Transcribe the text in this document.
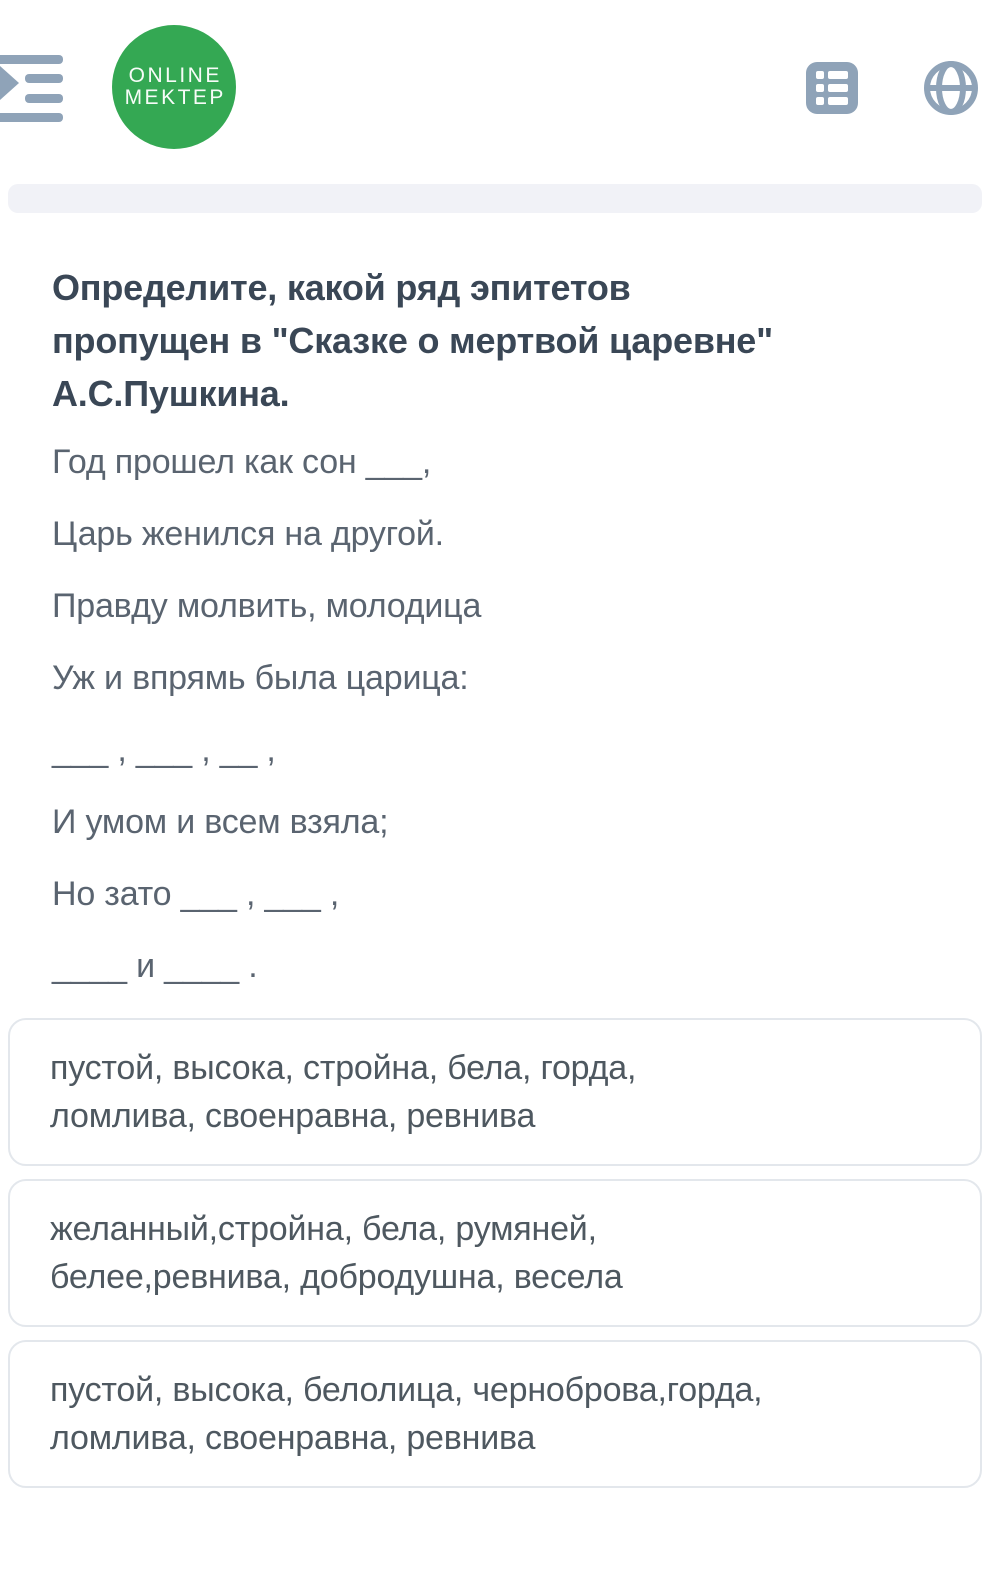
ONLINE
MEKTEP
Определите, какой ряд эпитетов
пропущен в "Сказке о мертвой царевне"
А.С.Пушкина.

Год прошел как сон ___,

Царь женился на другой.

Правду молвить, молодица

Уж и впрямь была царица:

___ , ___ , __ ,

И умом и всем взяла;

Но зато ___ , ___ ,

____ и ____ .

пустой, высока, стройна, бела, горда,

ломлива, своенравна, ревнива

желанный,стройна, бела, румяней,

белее,ревнива, добродушна, весела

пустой, высока, белолица, черноброва,горда,

ломлива, своенравна, ревнива
